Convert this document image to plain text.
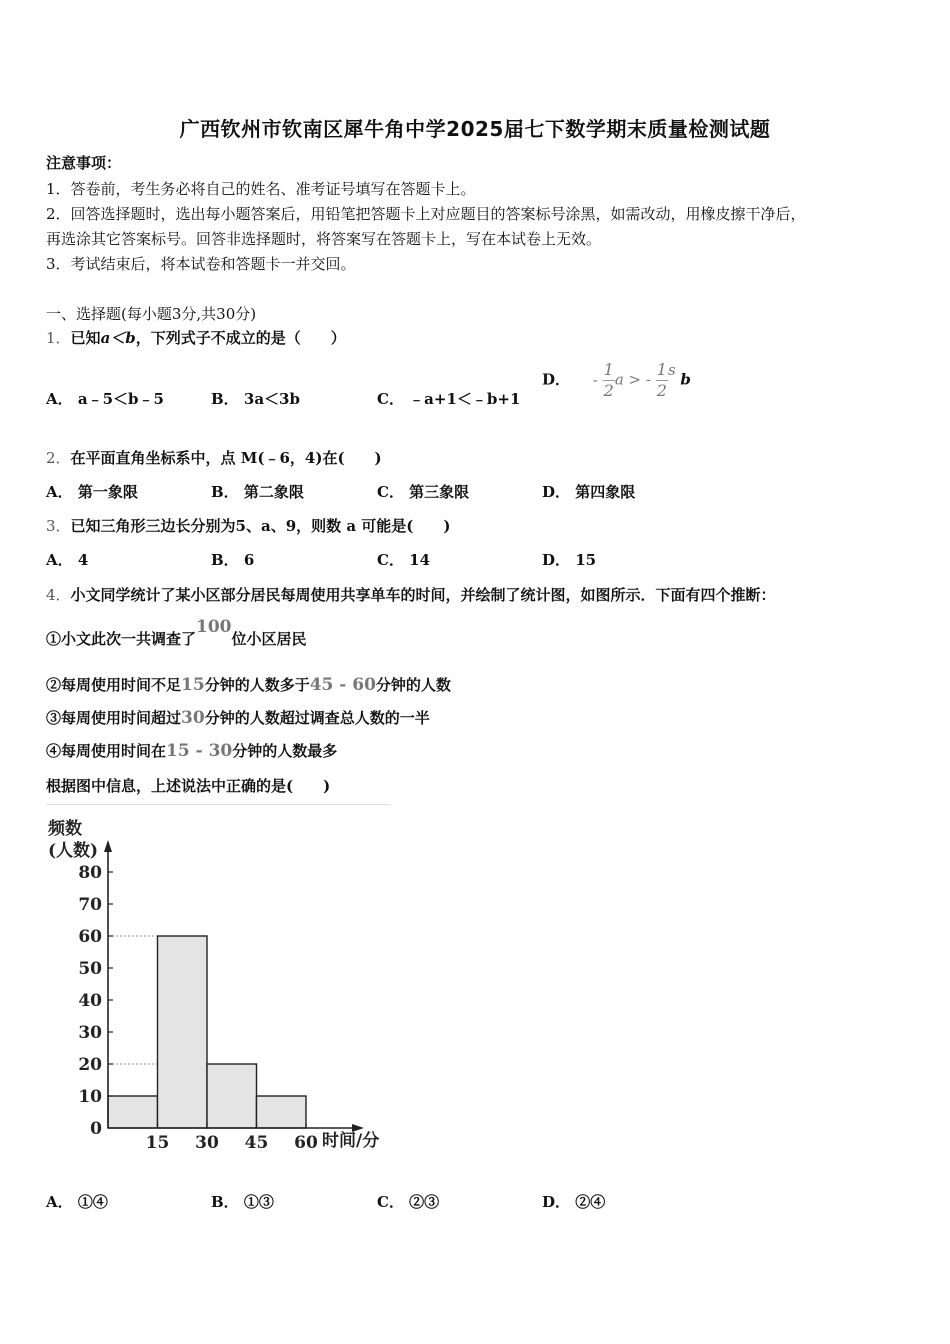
广西钦州市钦南区犀牛角中学2025届七下数学期末质量检测试题
注意事项：
1．答卷前，考生务必将自己的姓名、准考证号填写在答题卡上。
2．回答选择题时，选出每小题答案后，用铅笔把答题卡上对应题目的答案标号涂黑，如需改动，用橡皮擦干净后，
再选涂其它答案标号。回答非选择题时，将答案写在答题卡上，写在本试卷上无效。
3．考试结束后，将本试卷和答题卡一并交回。
一、选择题(每小题3分,共30分)
1．已知a＜b，下列式子不成立的是（　　）
A． a﹣5＜b﹣5	B． 3a＜3b	C． ﹣a+1＜﹣b+1
D． - $\frac{1}{2}$ a > - $\frac{1}{2}$ s b
2．在平面直角坐标系中，点 M(﹣6，4)在(　　)
A． 第一象限	B． 第二象限	C． 第三象限	D． 第四象限
3．已知三角形三边长分别为5、a、9，则数 a 可能是(　　)
A． 4	B． 6	C． 14	D． 15
4．小文同学统计了某小区部分居民每周使用共享单车的时间，并绘制了统计图，如图所示．下面有四个推断：
①小文此次一共调查了100位小区居民
②每周使用时间不足15分钟的人数多于45 - 60分钟的人数
③每周使用时间超过30分钟的人数超过调查总人数的一半
④每周使用时间在15 - 30分钟的人数最多
根据图中信息，上述说法中正确的是(　　)
频数
(人数)
0
10
20
30
40
50
60
70
80
15 30 45 60 时间/分
A． ①④	B． ①③	C． ②③	D． ②④
